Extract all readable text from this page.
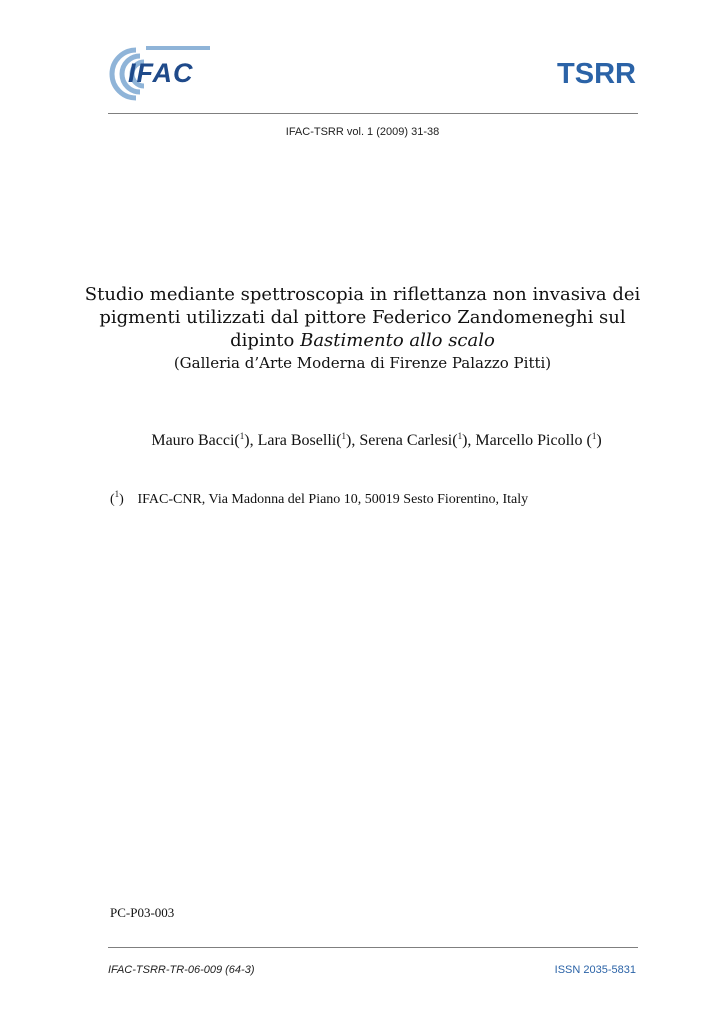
IFAC	TSRR
IFAC-TSRR vol. 1 (2009) 31-38
Studio mediante spettroscopia in riflettanza non invasiva dei
pigmenti utilizzati dal pittore Federico Zandomeneghi sul
dipinto Bastimento allo scalo
(Galleria d’Arte Moderna di Firenze Palazzo Pitti)
Mauro Bacci($^1$), Lara Boselli($^1$), Serena Carlesi($^1$), Marcello Picollo ($^1$)
($^1$) IFAC-CNR, Via Madonna del Piano 10, 50019 Sesto Fiorentino, Italy
PC-P03-003
IFAC-TSRR-TR-06-009 (64-3)	ISSN 2035-5831
